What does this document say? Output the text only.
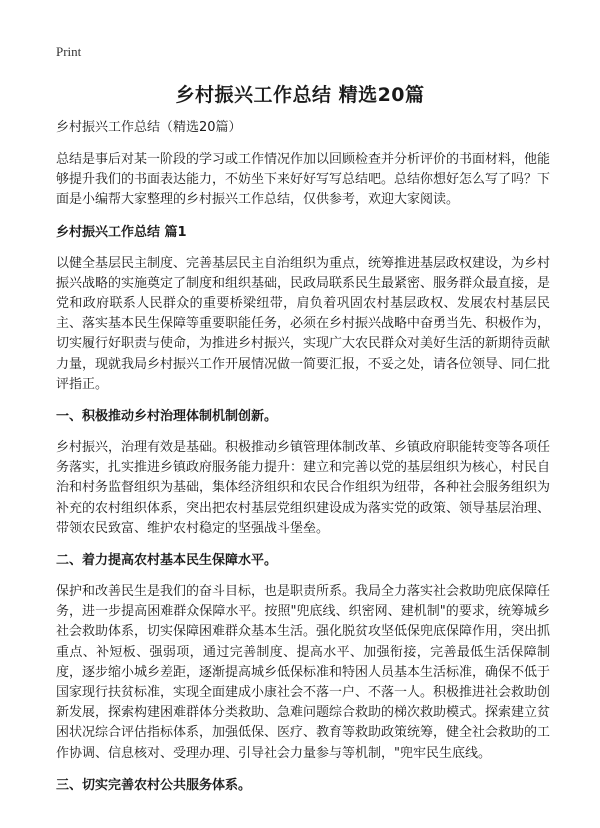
Print
乡村振兴工作总结 精选20篇
乡村振兴工作总结（精选20篇）

总结是事后对某一阶段的学习或工作情况作加以回顾检查并分析评价的书面材料，他能够提升我们的书面表达能力，不妨坐下来好好写写总结吧。总结你想好怎么写了吗？下面是小编帮大家整理的乡村振兴工作总结，仅供参考，欢迎大家阅读。

乡村振兴工作总结 篇1

以健全基层民主制度、完善基层民主自治组织为重点，统筹推进基层政权建设，为乡村振兴战略的实施奠定了制度和组织基础，民政局联系民生最紧密、服务群众最直接，是党和政府联系人民群众的重要桥梁纽带，肩负着巩固农村基层政权、发展农村基层民主、落实基本民生保障等重要职能任务，必须在乡村振兴战略中奋勇当先、积极作为，切实履行好职责与使命，为推进乡村振兴，实现广大农民群众对美好生活的新期待贡献力量，现就我局乡村振兴工作开展情况做一简要汇报，不妥之处，请各位领导、同仁批评指正。

一、积极推动乡村治理体制机制创新。

乡村振兴，治理有效是基础。积极推动乡镇管理体制改革、乡镇政府职能转变等各项任务落实，扎实推进乡镇政府服务能力提升：建立和完善以党的基层组织为核心，村民自治和村务监督组织为基础，集体经济组织和农民合作组织为纽带，各种社会服务组织为补充的农村组织体系，突出把农村基层党组织建设成为落实党的政策、领导基层治理、带领农民致富、维护农村稳定的坚强战斗堡垒。

二、着力提高农村基本民生保障水平。

保护和改善民生是我们的奋斗目标，也是职责所系。我局全力落实社会救助兜底保障任务，进一步提高困难群众保障水平。按照"兜底线、织密网、建机制"的要求，统筹城乡社会救助体系，切实保障困难群众基本生活。强化脱贫攻坚低保兜底保障作用，突出抓重点、补短板、强弱项，通过完善制度、提高水平、加强衔接，完善最低生活保障制度，逐步缩小城乡差距，逐渐提高城乡低保标准和特困人员基本生活标准，确保不低于国家现行扶贫标准，实现全面建成小康社会不落一户、不落一人。积极推进社会救助创新发展，探索构建困难群体分类救助、急难问题综合救助的梯次救助模式。探索建立贫困状况综合评估指标体系，加强低保、医疗、教育等救助政策统筹，健全社会救助的工作协调、信息核对、受理办理、引导社会力量参与等机制，"兜牢民生底线。

三、切实完善农村公共服务体系。
